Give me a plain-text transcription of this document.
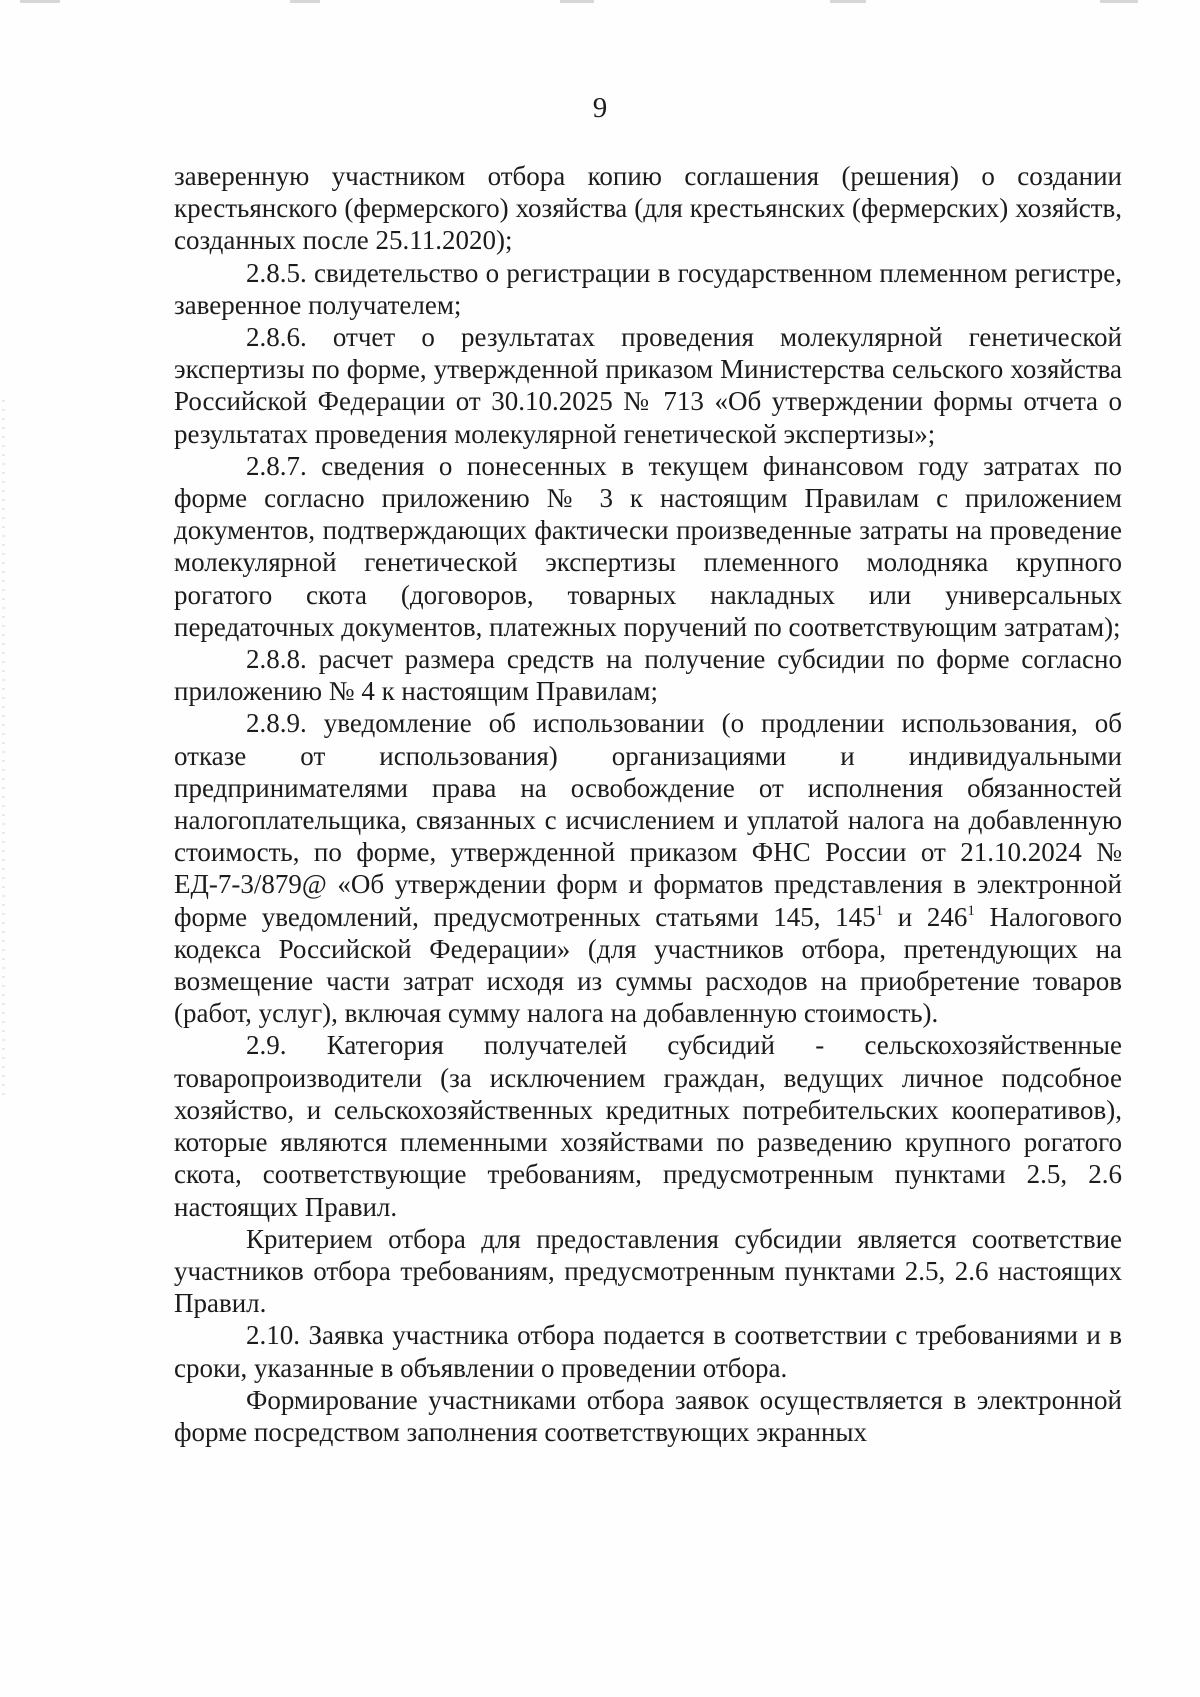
9

заверенную участником отбора копию соглашения (решения) о создании крестьянского (фермерского) хозяйства (для крестьянских (фермерских) хозяйств, созданных после 25.11.2020);

2.8.5. свидетельство о регистрации в государственном племенном регистре, заверенное получателем;

2.8.6. отчет о результатах проведения молекулярной генетической экспертизы по форме, утвержденной приказом Министерства сельского хозяйства Российской Федерации от 30.10.2025 № 713 «Об утверждении формы отчета о результатах проведения молекулярной генетической экспертизы»;

2.8.7. сведения о понесенных в текущем финансовом году затратах по форме согласно приложению № 3 к настоящим Правилам с приложением документов, подтверждающих фактически произведенные затраты на проведение молекулярной генетической экспертизы племенного молодняка крупного рогатого скота (договоров, товарных накладных или универсальных передаточных документов, платежных поручений по соответствующим затратам);

2.8.8. расчет размера средств на получение субсидии по форме согласно приложению № 4 к настоящим Правилам;

2.8.9. уведомление об использовании (о продлении использования, об отказе от использования) организациями и индивидуальными предпринимателями права на освобождение от исполнения обязанностей налогоплательщика, связанных с исчислением и уплатой налога на добавленную стоимость, по форме, утвержденной приказом ФНС России от 21.10.2024 № ЕД-7-3/879@ «Об утверждении форм и форматов представления в электронной форме уведомлений, предусмотренных статьями 145, $145^1$ и $246^1$ Налогового кодекса Российской Федерации» (для участников отбора, претендующих на возмещение части затрат исходя из суммы расходов на приобретение товаров (работ, услуг), включая сумму налога на добавленную стоимость).

2.9. Категория получателей субсидий - сельскохозяйственные товаропроизводители (за исключением граждан, ведущих личное подсобное хозяйство, и сельскохозяйственных кредитных потребительских кооперативов), которые являются племенными хозяйствами по разведению крупного рогатого скота, соответствующие требованиям, предусмотренным пунктами 2.5, 2.6 настоящих Правил.

Критерием отбора для предоставления субсидии является соответствие участников отбора требованиям, предусмотренным пунктами 2.5, 2.6 настоящих Правил.

2.10. Заявка участника отбора подается в соответствии с требованиями и в сроки, указанные в объявлении о проведении отбора.

Формирование участниками отбора заявок осуществляется в электронной форме посредством заполнения соответствующих экранных
